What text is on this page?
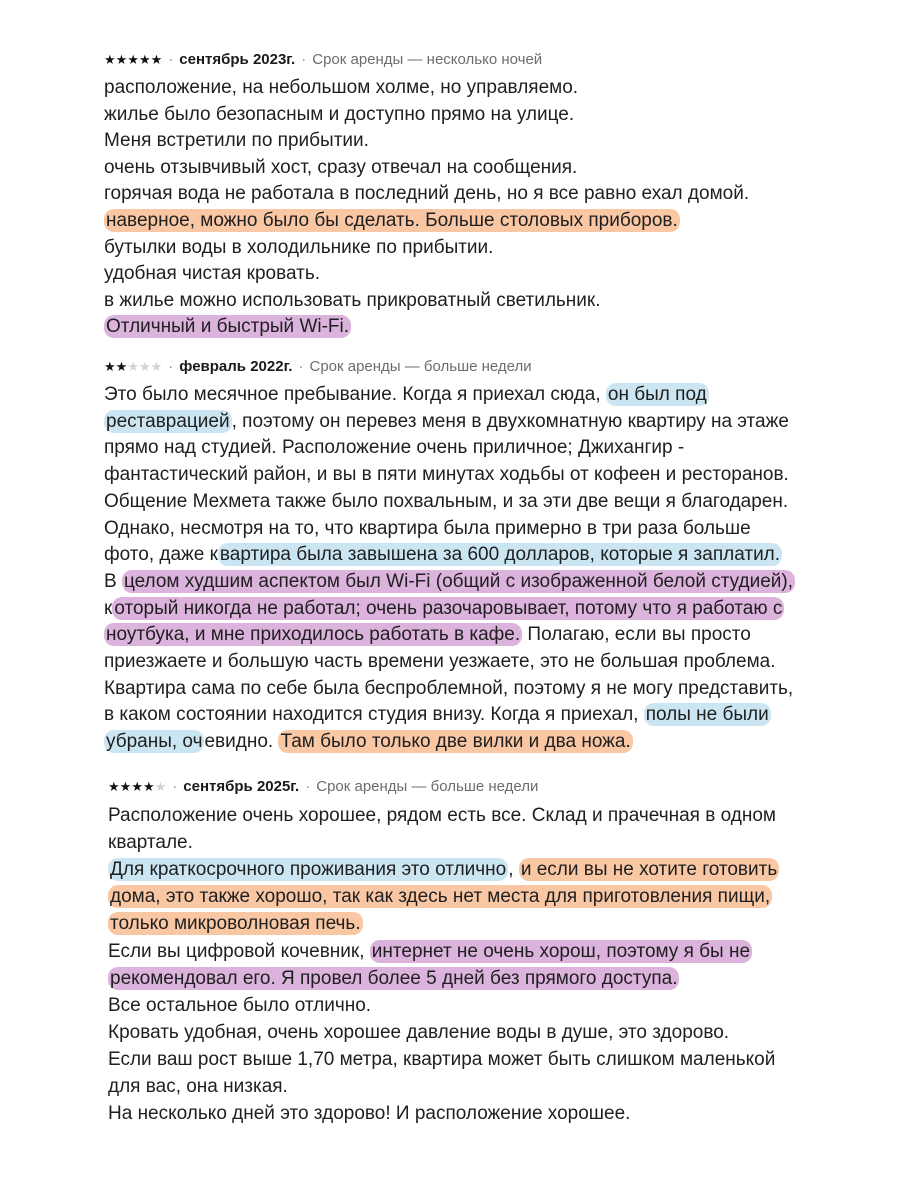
★★★★★ · сентябрь 2023г. · Срок аренды — несколько ночей
расположение, на небольшом холме, но управляемо.
жилье было безопасным и доступно прямо на улице.
Меня встретили по прибытии.
очень отзывчивый хост, сразу отвечал на сообщения.
горячая вода не работала в последний день, но я все равно ехал домой.
наверное, можно было бы сделать. Больше столовых приборов.
бутылки воды в холодильнике по прибытии.
удобная чистая кровать.
в жилье можно использовать прикроватный светильник.
Отличный и быстрый Wi-Fi.
★★★★★ · февраль 2022г. · Срок аренды — больше недели
Это было месячное пребывание. Когда я приехал сюда, он был под
реставрацией , поэтому он перевез меня в двухкомнатную квартиру на этаже
прямо над студией. Расположение очень приличное; Джихангир -
фантастический район, и вы в пяти минутах ходьбы от кофеен и ресторанов.
Общение Мехмета также было похвальным, и за эти две вещи я благодарен.
Однако, несмотря на то, что квартира была примерно в три раза больше
фото, даже к вартира была завышена за 600 долларов, которые я заплатил.
В целом худшим аспектом был Wi-Fi (общий с изображенной белой студией),
к оторый никогда не работал; очень разочаровывает, потому что я работаю с
ноутбука, и мне приходилось работать в кафе. Полагаю, если вы просто
приезжаете и большую часть времени уезжаете, это не большая проблема.
Квартира сама по себе была беспроблемной, поэтому я не могу представить,
в каком состоянии находится студия внизу. Когда я приехал, полы не были
убраны, оч евидно. Там было только две вилки и два ножа.
★★★★★ · сентябрь 2025г. · Срок аренды — больше недели
Расположение очень хорошее, рядом есть все. Склад и прачечная в одном
квартале.
Для краткосрочного проживания это отлично , и если вы не хотите готовить
дома, это также хорошо, так как здесь нет места для приготовления пищи,
только микроволновая печь.
Если вы цифровой кочевник, интернет не очень хорош, поэтому я бы не
рекомендовал его. Я провел более 5 дней без прямого доступа.
Все остальное было отлично.
Кровать удобная, очень хорошее давление воды в душе, это здорово.
Если ваш рост выше 1,70 метра, квартира может быть слишком маленькой
для вас, она низкая.
На несколько дней это здорово! И расположение хорошее.
